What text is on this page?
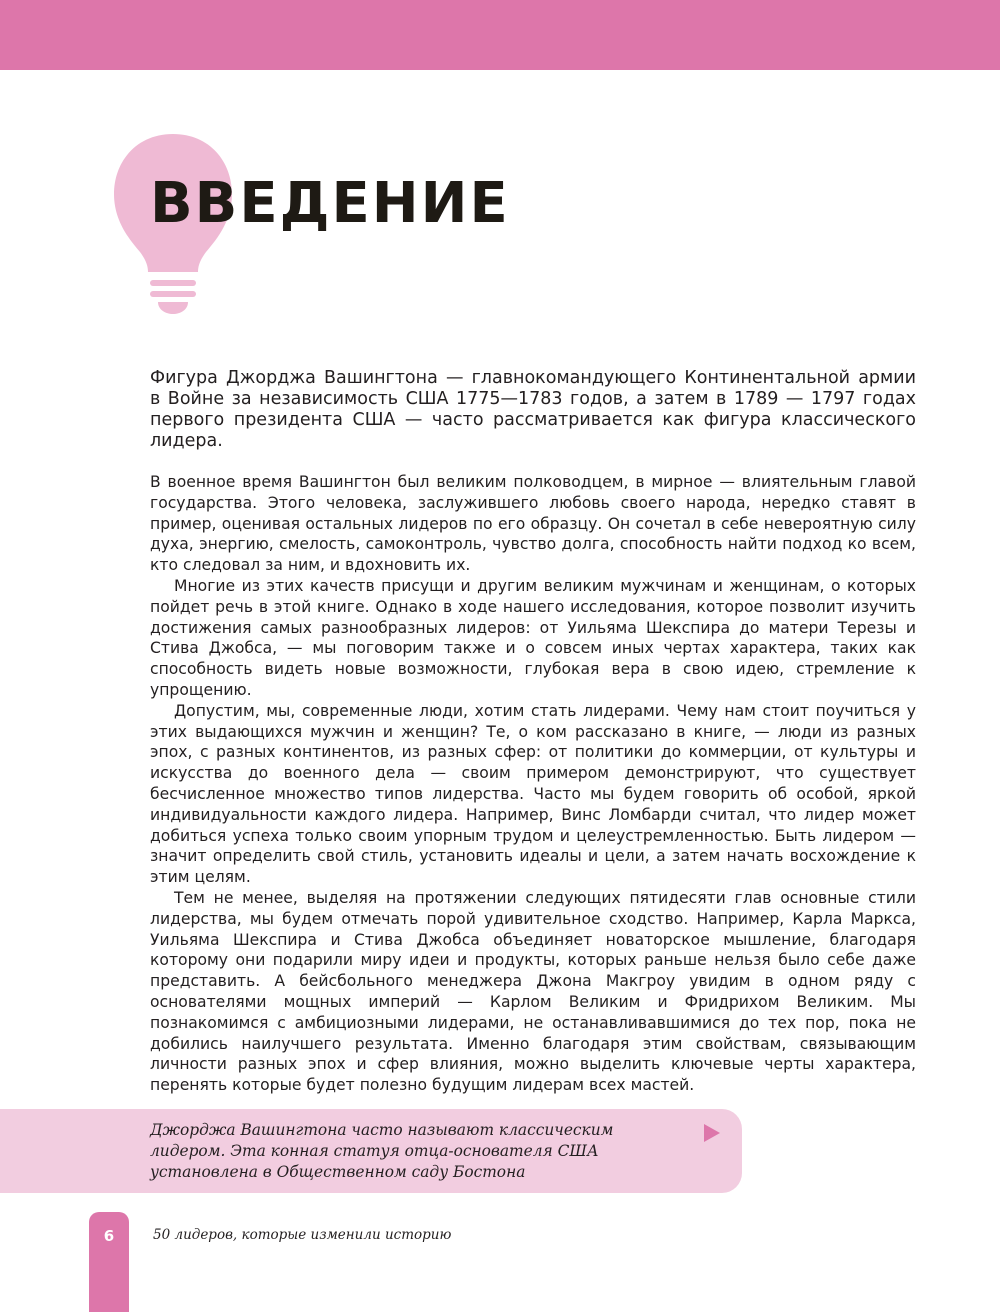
ВВЕДЕНИЕ

Фигура Джорджа Вашингтона — главнокомандующего Континентальной армии в Войне за независимость США 1775—1783 годов, а затем в 1789 — 1797 годах первого президента США — часто рассматривается как фигура классического лидера.

В военное время Вашингтон был великим полководцем, в мирное — влиятельным главой государства. Этого человека, заслужившего любовь своего народа, нередко ставят в пример, оценивая остальных лидеров по его образцу. Он сочетал в себе невероятную силу духа, энергию, смелость, самоконтроль, чувство долга, способность найти подход ко всем, кто следовал за ним, и вдохновить их.

Многие из этих качеств присущи и другим великим мужчинам и женщинам, о которых пойдет речь в этой книге. Однако в ходе нашего исследования, которое позволит изучить достижения самых разнообразных лидеров: от Уильяма Шекспира до матери Терезы и Стива Джобса, — мы поговорим также и о совсем иных чертах характера, таких как способность видеть новые возможности, глубокая вера в свою идею, стремление к упрощению.

Допустим, мы, современные люди, хотим стать лидерами. Чему нам стоит поучиться у этих выдающихся мужчин и женщин? Те, о ком рассказано в книге, — люди из разных эпох, с разных континентов, из разных сфер: от политики до коммерции, от культуры и искусства до военного дела — своим примером демонстрируют, что существует бесчисленное множество типов лидерства. Часто мы будем говорить об особой, яркой индивидуальности каждого лидера. Например, Винс Ломбарди считал, что лидер может добиться успеха только своим упорным трудом и целеустремленностью. Быть лидером — значит определить свой стиль, установить идеалы и цели, а затем начать восхождение к этим целям.

Тем не менее, выделяя на протяжении следующих пятидесяти глав основные стили лидерства, мы будем отмечать порой удивительное сходство. Например, Карла Маркса, Уильяма Шекспира и Стива Джобса объединяет новаторское мышление, благодаря которому они подарили миру идеи и продукты, которых раньше нельзя было себе даже представить. А бейсбольного менеджера Джона Макгроу увидим в одном ряду с основателями мощных империй — Карлом Великим и Фридрихом Великим. Мы познакомимся с амбициозными лидерами, не останавливавшимися до тех пор, пока не добились наилучшего результата. Именно благодаря этим свойствам, связывающим личности разных эпох и сфер влияния, можно выделить ключевые черты характера, перенять которые будет полезно будущим лидерам всех мастей.

Джорджа Вашингтона часто называют классическим лидером. Эта конная статуя отца-основателя США установлена в Общественном саду Бостона

6	50 лидеров, которые изменили историю
